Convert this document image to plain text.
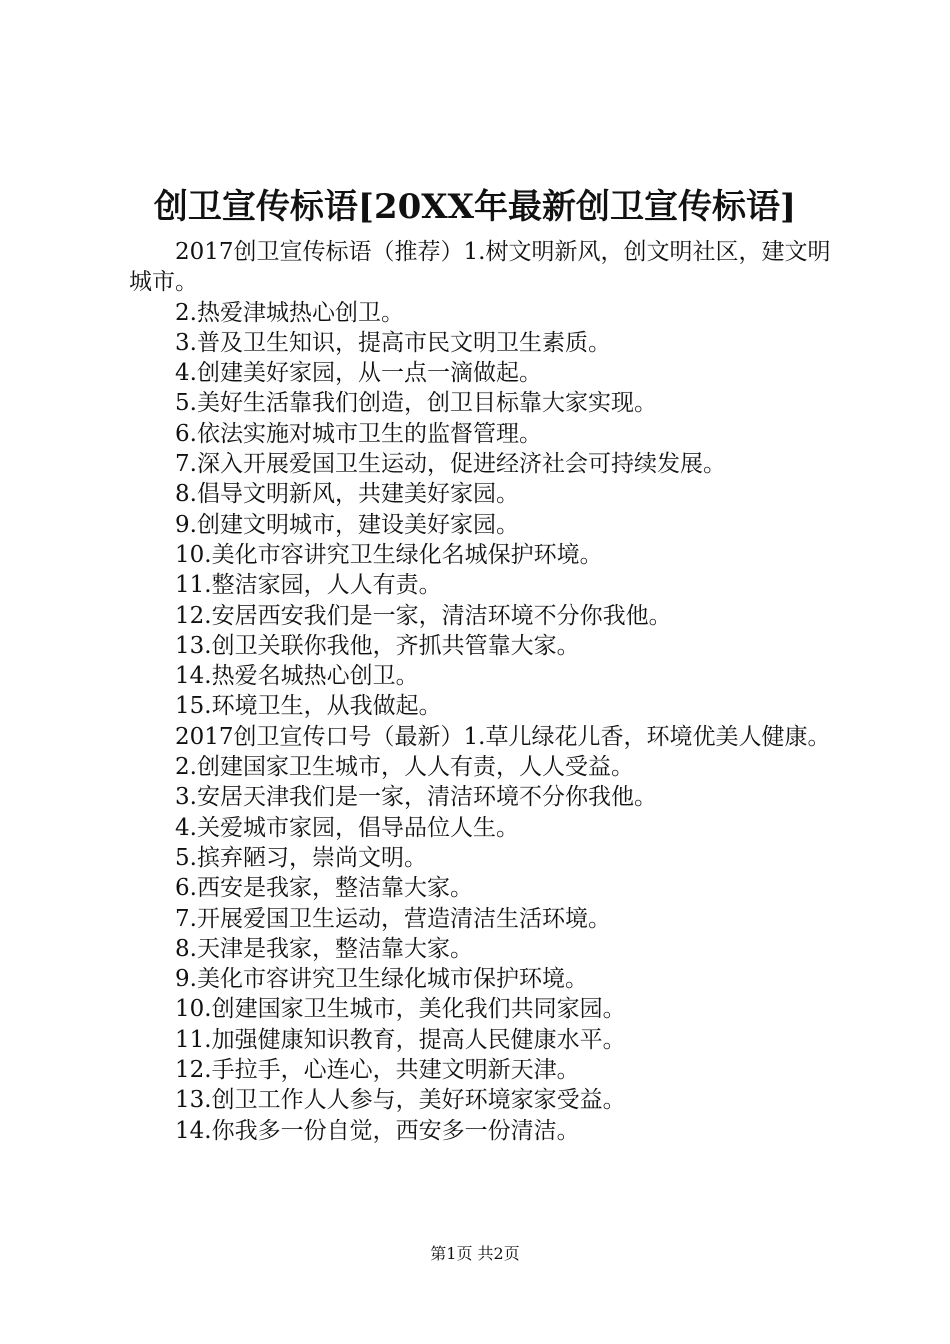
创卫宣传标语[20XX年最新创卫宣传标语]

2017创卫宣传标语（推荐）1.树文明新风，创文明社区，建文明城市。

2.热爱津城热心创卫。

3.普及卫生知识，提高市民文明卫生素质。

4.创建美好家园，从一点一滴做起。

5.美好生活靠我们创造，创卫目标靠大家实现。

6.依法实施对城市卫生的监督管理。

7.深入开展爱国卫生运动，促进经济社会可持续发展。

8.倡导文明新风，共建美好家园。

9.创建文明城市，建设美好家园。

10.美化市容讲究卫生绿化名城保护环境。

11.整洁家园，人人有责。

12.安居西安我们是一家，清洁环境不分你我他。

13.创卫关联你我他，齐抓共管靠大家。

14.热爱名城热心创卫。

15.环境卫生，从我做起。

2017创卫宣传口号（最新）1.草儿绿花儿香，环境优美人健康。

2.创建国家卫生城市，人人有责，人人受益。

3.安居天津我们是一家，清洁环境不分你我他。

4.关爱城市家园，倡导品位人生。

5.摈弃陋习，崇尚文明。

6.西安是我家，整洁靠大家。

7.开展爱国卫生运动，营造清洁生活环境。

8.天津是我家，整洁靠大家。

9.美化市容讲究卫生绿化城市保护环境。

10.创建国家卫生城市，美化我们共同家园。

11.加强健康知识教育，提高人民健康水平。

12.手拉手，心连心，共建文明新天津。

13.创卫工作人人参与，美好环境家家受益。

14.你我多一份自觉，西安多一份清洁。

第1页 共2页
